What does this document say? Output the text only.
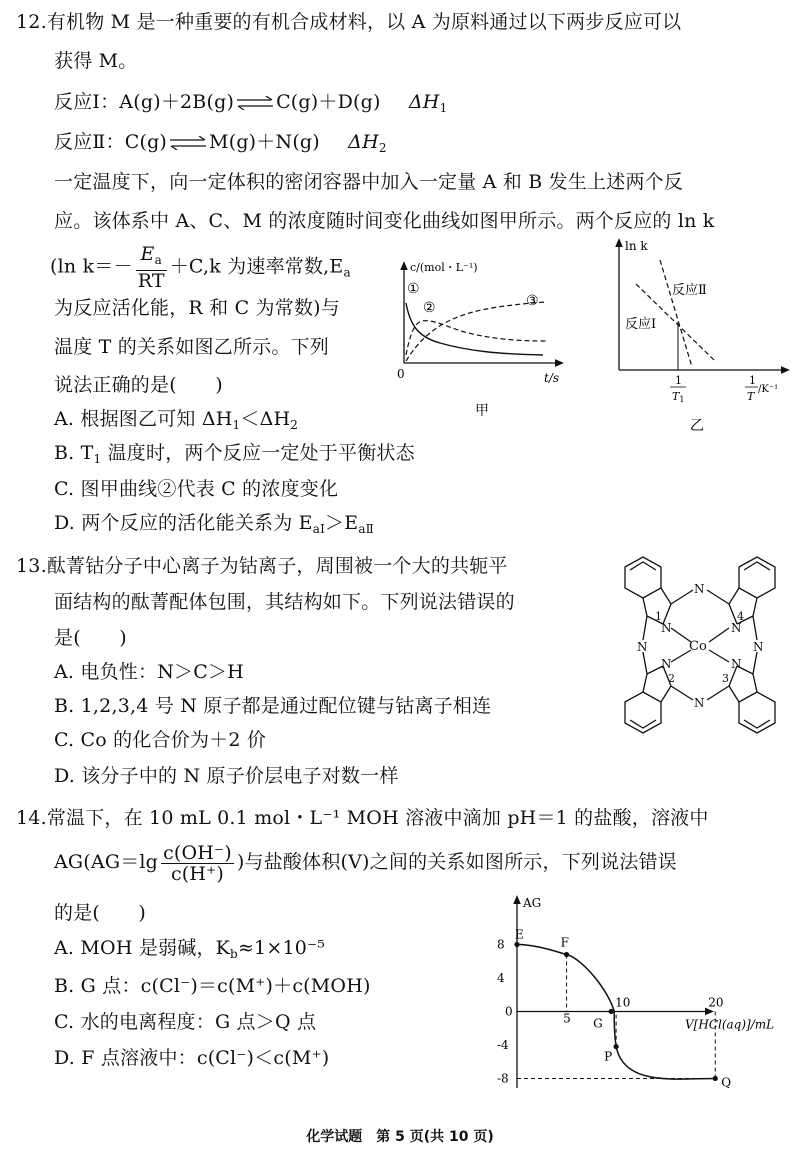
12.有机物 M 是一种重要的有机合成材料，以 A 为原料通过以下两步反应可以
获得 M。
反应Ⅰ：A(g)＋2B(g)⇌C(g)＋D(g) $\Delta H_1$
反应Ⅱ：C(g)⇌M(g)＋N(g) $\Delta H_2$
一定温度下，向一定体积的密闭容器中加入一定量 A 和 B 发生上述两个反
应。该体系中 A、C、M 的浓度随时间变化曲线如图甲所示。两个反应的 ln k
(ln $k=- \frac{E_a}{RT} +C,k$ 为速率常数$,E_a$
为反应活化能，R 和 C 为常数)与
温度 T 的关系如图乙所示。下列
说法正确的是(　　)
A. 根据图乙可知 $\Delta H_1<\Delta H_2$
B. $T_1$ 温度时，两个反应一定处于平衡状态
C. 图甲曲线②代表 C 的浓度变化
D. 两个反应的活化能关系为 $E_{aⅠ}>E_{aⅡ}$
c/(mol・L⁻¹)
t/s
0
①
②	③
甲
ln k
反应Ⅱ
反应Ⅰ
1
T1
1
T
/K⁻¹
乙
13.酞菁钴分子中心离子为钴离子，周围被一个大的共轭平
面结构的酞菁配体包围，其结构如下。下列说法错误的
是(　　)
A. 电负性：N＞C＞H
B. 1,2,3,4 号 N 原子都是通过配位键与钴离子相连
C. Co 的化合价为＋2 价
D. 该分子中的 N 原子价层电子对数一样
N
N
N	N
N	N
N	N
Co
1	4
2	3
14.常温下，在 10 mL 0.1 mol・L⁻¹ MOH 溶液中滴加 pH＝1 的盐酸，溶液中
$AG(AG=\lg \frac{c(OH^-)}{c(H^+)}$ )与盐酸体积(V)之间的关系如图所示，下列说法错误
的是(　　)
A. MOH 是弱碱，$K_b\approx 1\times 10^{-5}$
B. G 点：c(Cl⁻)＝c(M⁺)＋c(MOH)
C. 水的电离程度：G 点＞Q 点
D. F 点溶液中：c(Cl⁻)＜c(M⁺)
AG
V[HCl(aq)]/mL
0
8
4
-4
-8
5
10	20
E
F
G
P
Q
化学试题　第 5 页(共 10 页)
